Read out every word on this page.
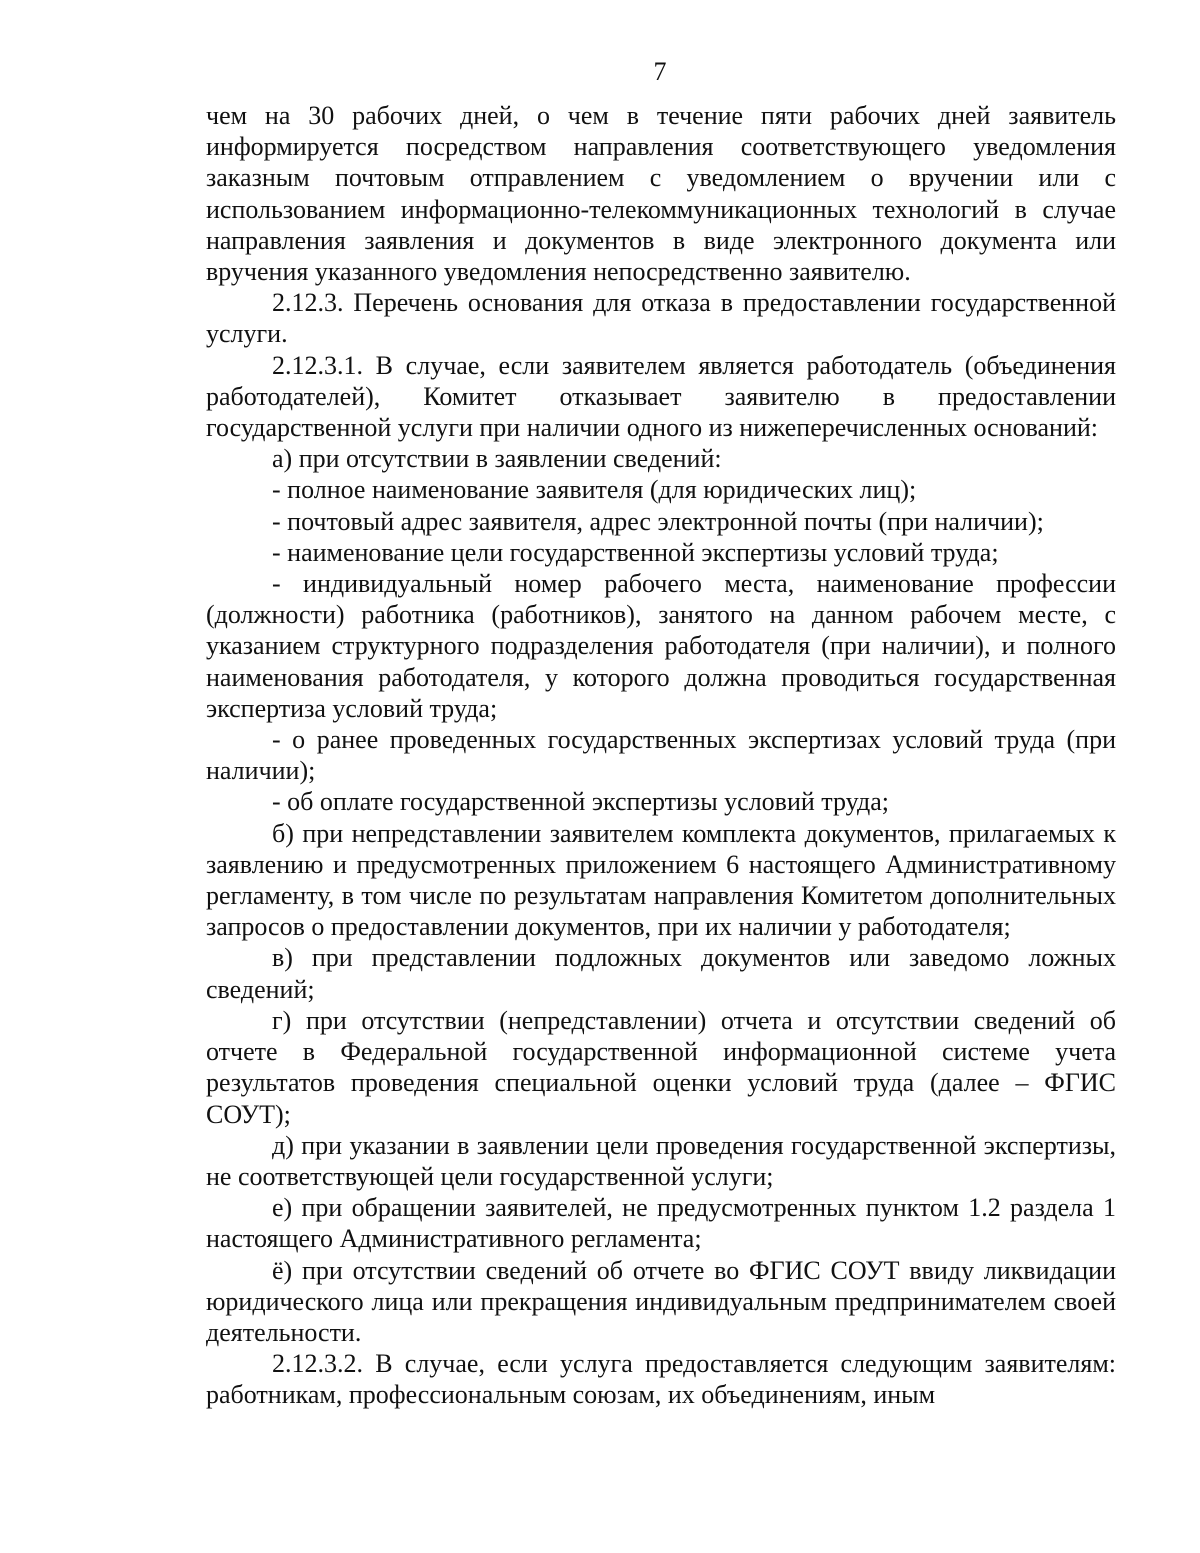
7

чем на 30 рабочих дней, о чем в течение пяти рабочих дней заявитель информируется посредством направления соответствующего уведомления заказным почтовым отправлением с уведомлением о вручении или с использованием информационно-телекоммуникационных технологий в случае направления заявления и документов в виде электронного документа или вручения указанного уведомления непосредственно заявителю.

2.12.3. Перечень основания для отказа в предоставлении государственной услуги.

2.12.3.1. В случае, если заявителем является работодатель (объединения работодателей), Комитет отказывает заявителю в предоставлении государственной услуги при наличии одного из нижеперечисленных оснований:

а) при отсутствии в заявлении сведений:

- полное наименование заявителя (для юридических лиц);

- почтовый адрес заявителя, адрес электронной почты (при наличии);

- наименование цели государственной экспертизы условий труда;

- индивидуальный номер рабочего места, наименование профессии (должности) работника (работников), занятого на данном рабочем месте, с указанием структурного подразделения работодателя (при наличии), и полного наименования работодателя, у которого должна проводиться государственная экспертиза условий труда;

- о ранее проведенных государственных экспертизах условий труда (при наличии);

- об оплате государственной экспертизы условий труда;

б) при непредставлении заявителем комплекта документов, прилагаемых к заявлению и предусмотренных приложением 6 настоящего Административному регламенту, в том числе по результатам направления Комитетом дополнительных запросов о предоставлении документов, при их наличии у работодателя;

в) при представлении подложных документов или заведомо ложных сведений;

г) при отсутствии (непредставлении) отчета и отсутствии сведений об отчете в Федеральной государственной информационной системе учета результатов проведения специальной оценки условий труда (далее – ФГИС СОУТ);

д) при указании в заявлении цели проведения государственной экспертизы, не соответствующей цели государственной услуги;

е) при обращении заявителей, не предусмотренных пунктом 1.2 раздела 1 настоящего Административного регламента;

ё) при отсутствии сведений об отчете во ФГИС СОУТ ввиду ликвидации юридического лица или прекращения индивидуальным предпринимателем своей деятельности.

2.12.3.2. В случае, если услуга предоставляется следующим заявителям: работникам, профессиональным союзам, их объединениям, иным
